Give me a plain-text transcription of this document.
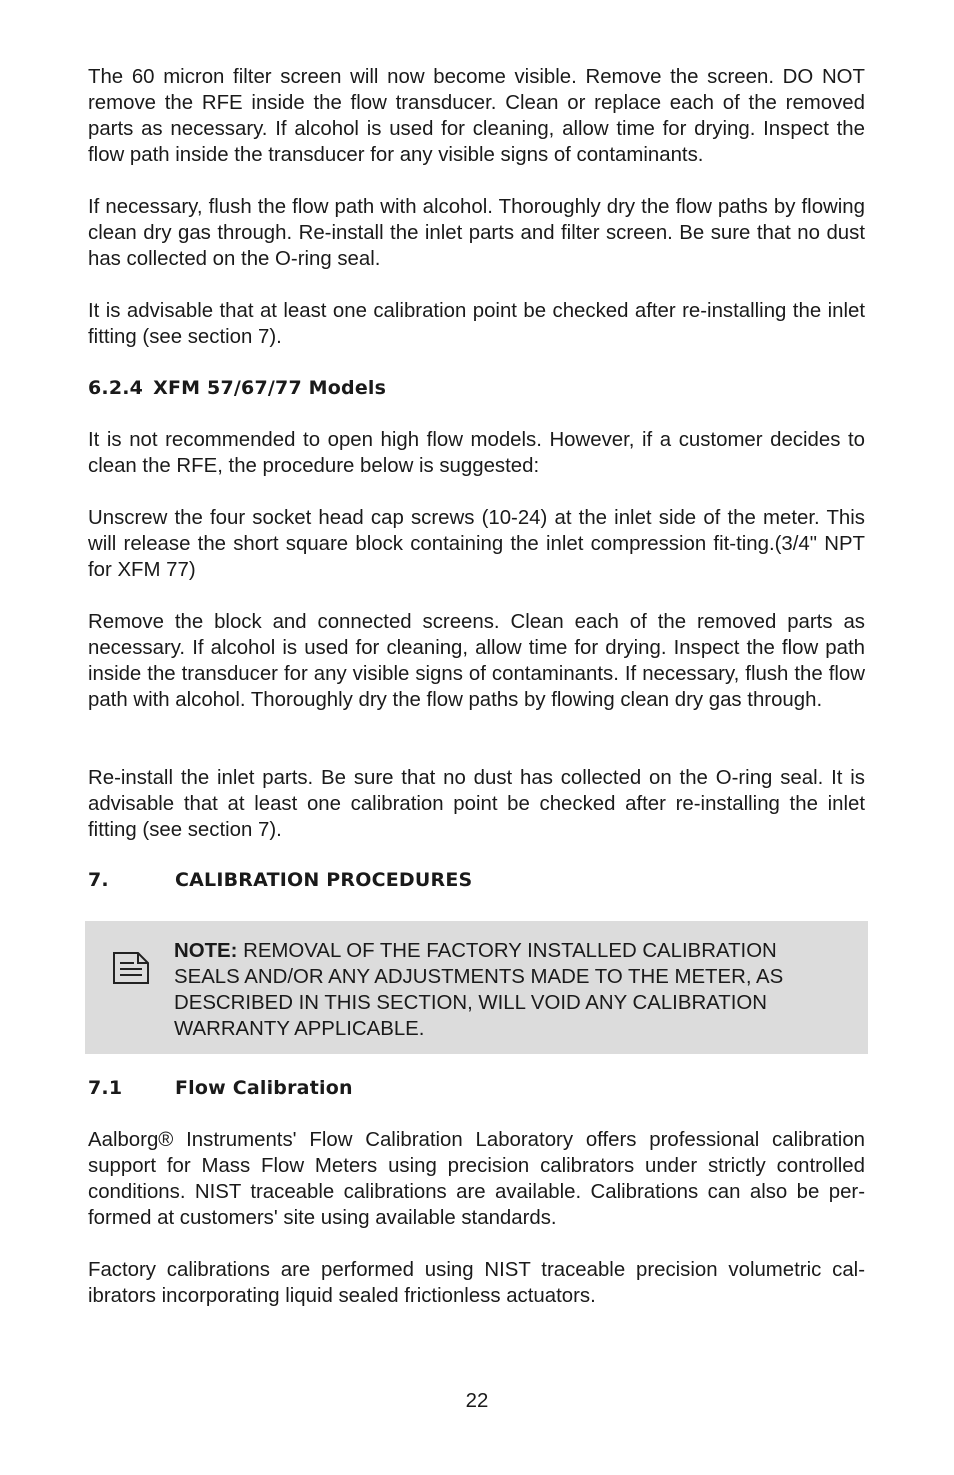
The 60 micron filter screen will now become visible. Remove the screen. DO NOT remove the RFE inside the flow transducer. Clean or replace each of the removed parts as necessary. If alcohol is used for cleaning, allow time for drying. Inspect the flow path inside the transducer for any visible signs of contaminants.

If necessary, flush the flow path with alcohol. Thoroughly dry the flow paths by flowing clean dry gas through. Re-install the inlet parts and filter screen. Be sure that no dust has collected on the O-ring seal.

It is advisable that at least one calibration point be checked after re-installing the inlet fitting (see section 7).

6.2.4 XFM 57/67/77 Models

It is not recommended to open high flow models. However, if a customer decides to clean the RFE, the procedure below is suggested:

Unscrew the four socket head cap screws (10-24) at the inlet side of the meter. This will release the short square block containing the inlet compression fit-ting.(3/4" NPT for XFM 77)

Remove the block and connected screens. Clean each of the removed parts as necessary. If alcohol is used for cleaning, allow time for drying. Inspect the flow path inside the transducer for any visible signs of contaminants. If necessary, flush the flow path with alcohol. Thoroughly dry the flow paths by flowing clean dry gas through.

Re-install the inlet parts. Be sure that no dust has collected on the O-ring seal. It is advisable that at least one calibration point be checked after re-installing the inlet fitting (see section 7).

7.	CALIBRATION PROCEDURES
7.1	Flow Calibration

Aalborg® Instruments' Flow Calibration Laboratory offers professional calibration support for Mass Flow Meters using precision calibrators under strictly controlled conditions. NIST traceable calibrations are available. Calibrations can also be per-formed at customers' site using available standards.

Factory calibrations are performed using NIST traceable precision volumetric cal-ibrators incorporating liquid sealed frictionless actuators.

NOTE: REMOVAL OF THE FACTORY INSTALLED CALIBRATION SEALS AND/OR ANY ADJUSTMENTS MADE TO THE METER, AS DESCRIBED IN THIS SECTION, WILL VOID ANY CALIBRATION WARRANTY APPLICABLE.

22
